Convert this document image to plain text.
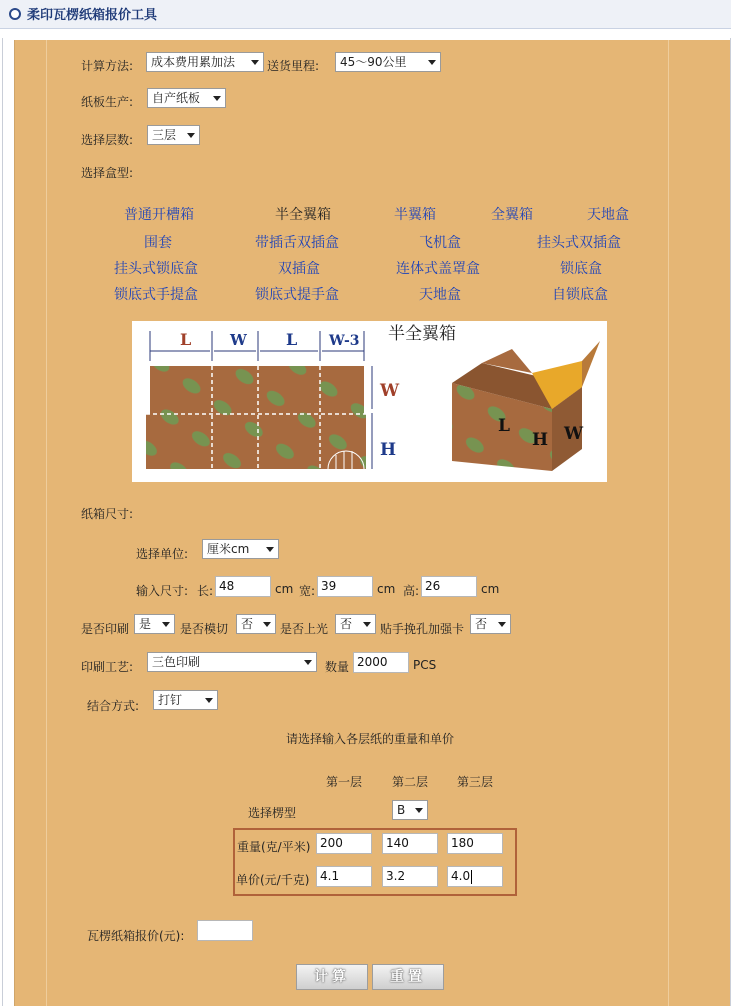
柔印瓦楞纸箱报价工具
计算方法:	成本费用累加法	送货里程:	45～90公里
纸板生产:	自产纸板
选择层数:	三层
选择盒型:
普通开槽箱	半全翼箱	半翼箱	全翼箱	天地盒
围套	带插舌双插盒	飞机盒	挂头式双插盒
挂头式锁底盒	双插盒	连体式盖罩盒	锁底盒
锁底式手提盒	锁底式提手盒	天地盒	自锁底盒
L	W L W-3
W
H
半全翼箱
L
H W
纸箱尺寸:
选择单位:	厘米cm
输入尺寸: 长: 48	cm 宽: 39	cm 高: 26	cm
是否印刷 是	是否模切	否	是否上光 否	贴手挽孔加强卡 否
印刷工艺:	三色印刷	数量 2000	PCS
结合方式:	打钉
请选择输入各层纸的重量和单价
第一层 第二层 第三层
选择楞型	B
重量(克/平米) 200	140	180
单价(元/千克) 4.1	3.2	4.0
瓦楞纸箱报价(元):
计算	重置
